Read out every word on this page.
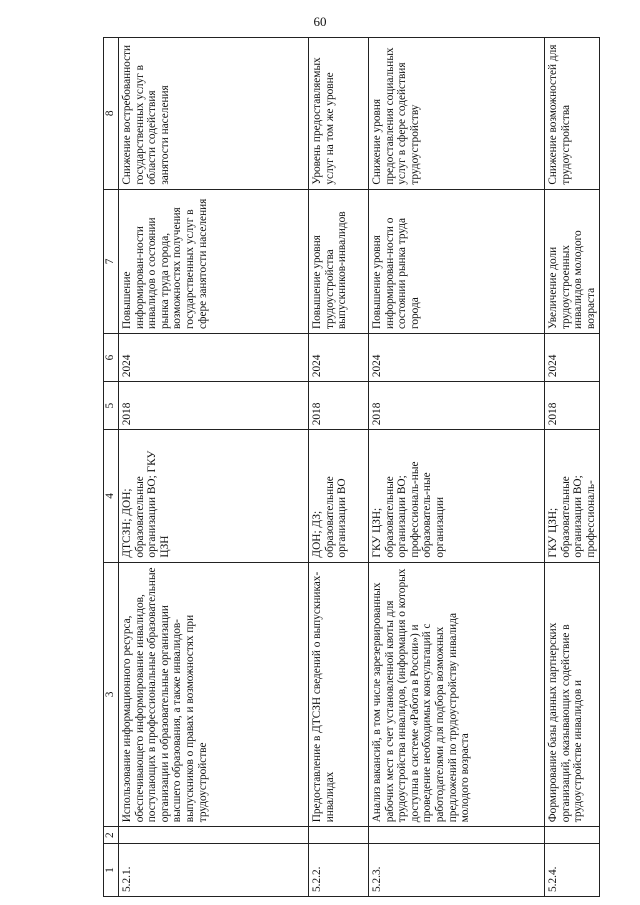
60
1	2	3	4	5	6	7	8
5.2.1.		Использование информационного ресурса, обеспечивающего информирование инвалидов, поступающих в профессиональные образовательные организации и образовательные организации высшего образования, а также инвалидов-выпускников о правах и возможностях при трудоустройстве	ДТСЗН; ДОН; образовательные организации ВО; ГКУ ЦЗН	2018	2024	Повышение информирован-ности инвалидов о состоянии рынка труда города, возможностях получения государственных услуг в сфере занятости населения	Снижение востребованности государственных услуг в области содействия занятости населения
5.2.2.		Предоставление в ДТСЗН сведений о выпускниках-инвалидах	ДОН; ДЗ; образовательные организации ВО	2018	2024	Повышение уровня трудоустройства выпускников-инвалидов	Уровень предоставляемых услуг на том же уровне
5.2.3.		Анализ вакансий, в том числе зарезервированных рабочих мест в счет установленной квоты для трудоустройства инвалидов, (информация о которых доступна в системе «Работа в России») и проведение необходимых консультаций с работодателями для подбора возможных предложений по трудоустройству инвалида молодого возраста	ГКУ ЦЗН; образовательные организации ВО; профессиональ-ные образователь-ные организации	2018	2024	Повышение уровня информирован-ности о состоянии рынка труда города	Снижение уровня предоставления социальных услуг в сфере содействия трудоустройству
5.2.4.		Формирование базы данных партнерских организаций, оказывающих содействие в трудоустройстве инвалидов и	ГКУ ЦЗН; образовательные организации ВО; профессиональ-	2018	2024	Увеличение доли трудоустроенных инвалидов молодого возраста	Снижение возможностей для трудоустройства
